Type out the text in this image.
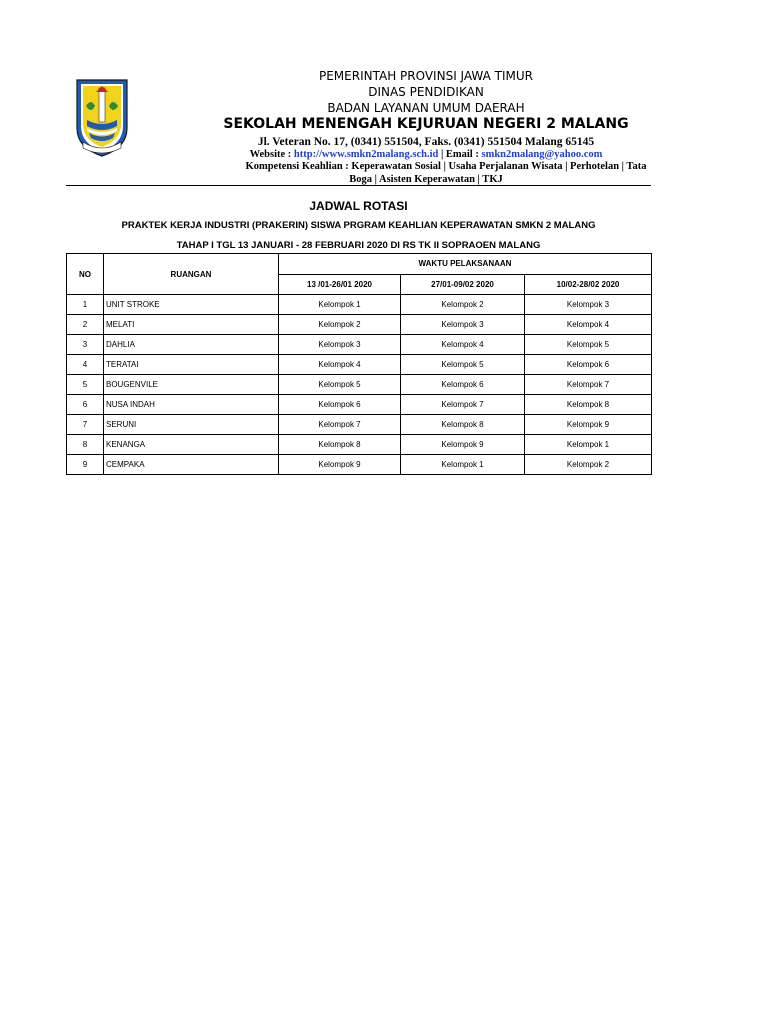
PEMERINTAH PROVINSI JAWA TIMUR
DINAS PENDIDIKAN
BADAN LAYANAN UMUM DAERAH
SEKOLAH MENENGAH KEJURUAN NEGERI 2 MALANG
Jl. Veteran No. 17, (0341) 551504, Faks. (0341) 551504 Malang 65145
Website : http://www.smkn2malang.sch.id | Email : smkn2malang@yahoo.com
Kompetensi Keahlian : Keperawatan Sosial | Usaha Perjalanan Wisata | Perhotelan | Tata
Boga | Asisten Keperawatan | TKJ
JADWAL ROTASI
PRAKTEK KERJA INDUSTRI (PRAKERIN) SISWA PRGRAM KEAHLIAN KEPERAWATAN SMKN 2 MALANG
TAHAP I TGL 13 JANUARI - 28 FEBRUARI 2020 DI RS TK II SOPRAOEN MALANG
NO	RUANGAN	WAKTU PELAKSANAAN		
		13 /01-26/01 2020	27/01-09/02 2020	10/02-28/02 2020
1	UNIT STROKE	Kelompok 1	Kelompok 2	Kelompok 3
2	MELATI	Kelompok 2	Kelompok 3	Kelompok 4
3	DAHLIA	Kelompok 3	Kelompok 4	Kelompok 5
4	TERATAI	Kelompok 4	Kelompok 5	Kelompok 6
5	BOUGENVILE	Kelompok 5	Kelompok 6	Kelompok 7
6	NUSA INDAH	Kelompok 6	Kelompok 7	Kelompok 8
7	SERUNI	Kelompok 7	Kelompok 8	Kelompok 9
8	KENANGA	Kelompok 8	Kelompok 9	Kelompok 1
9	CEMPAKA	Kelompok 9	Kelompok 1	Kelompok 2
